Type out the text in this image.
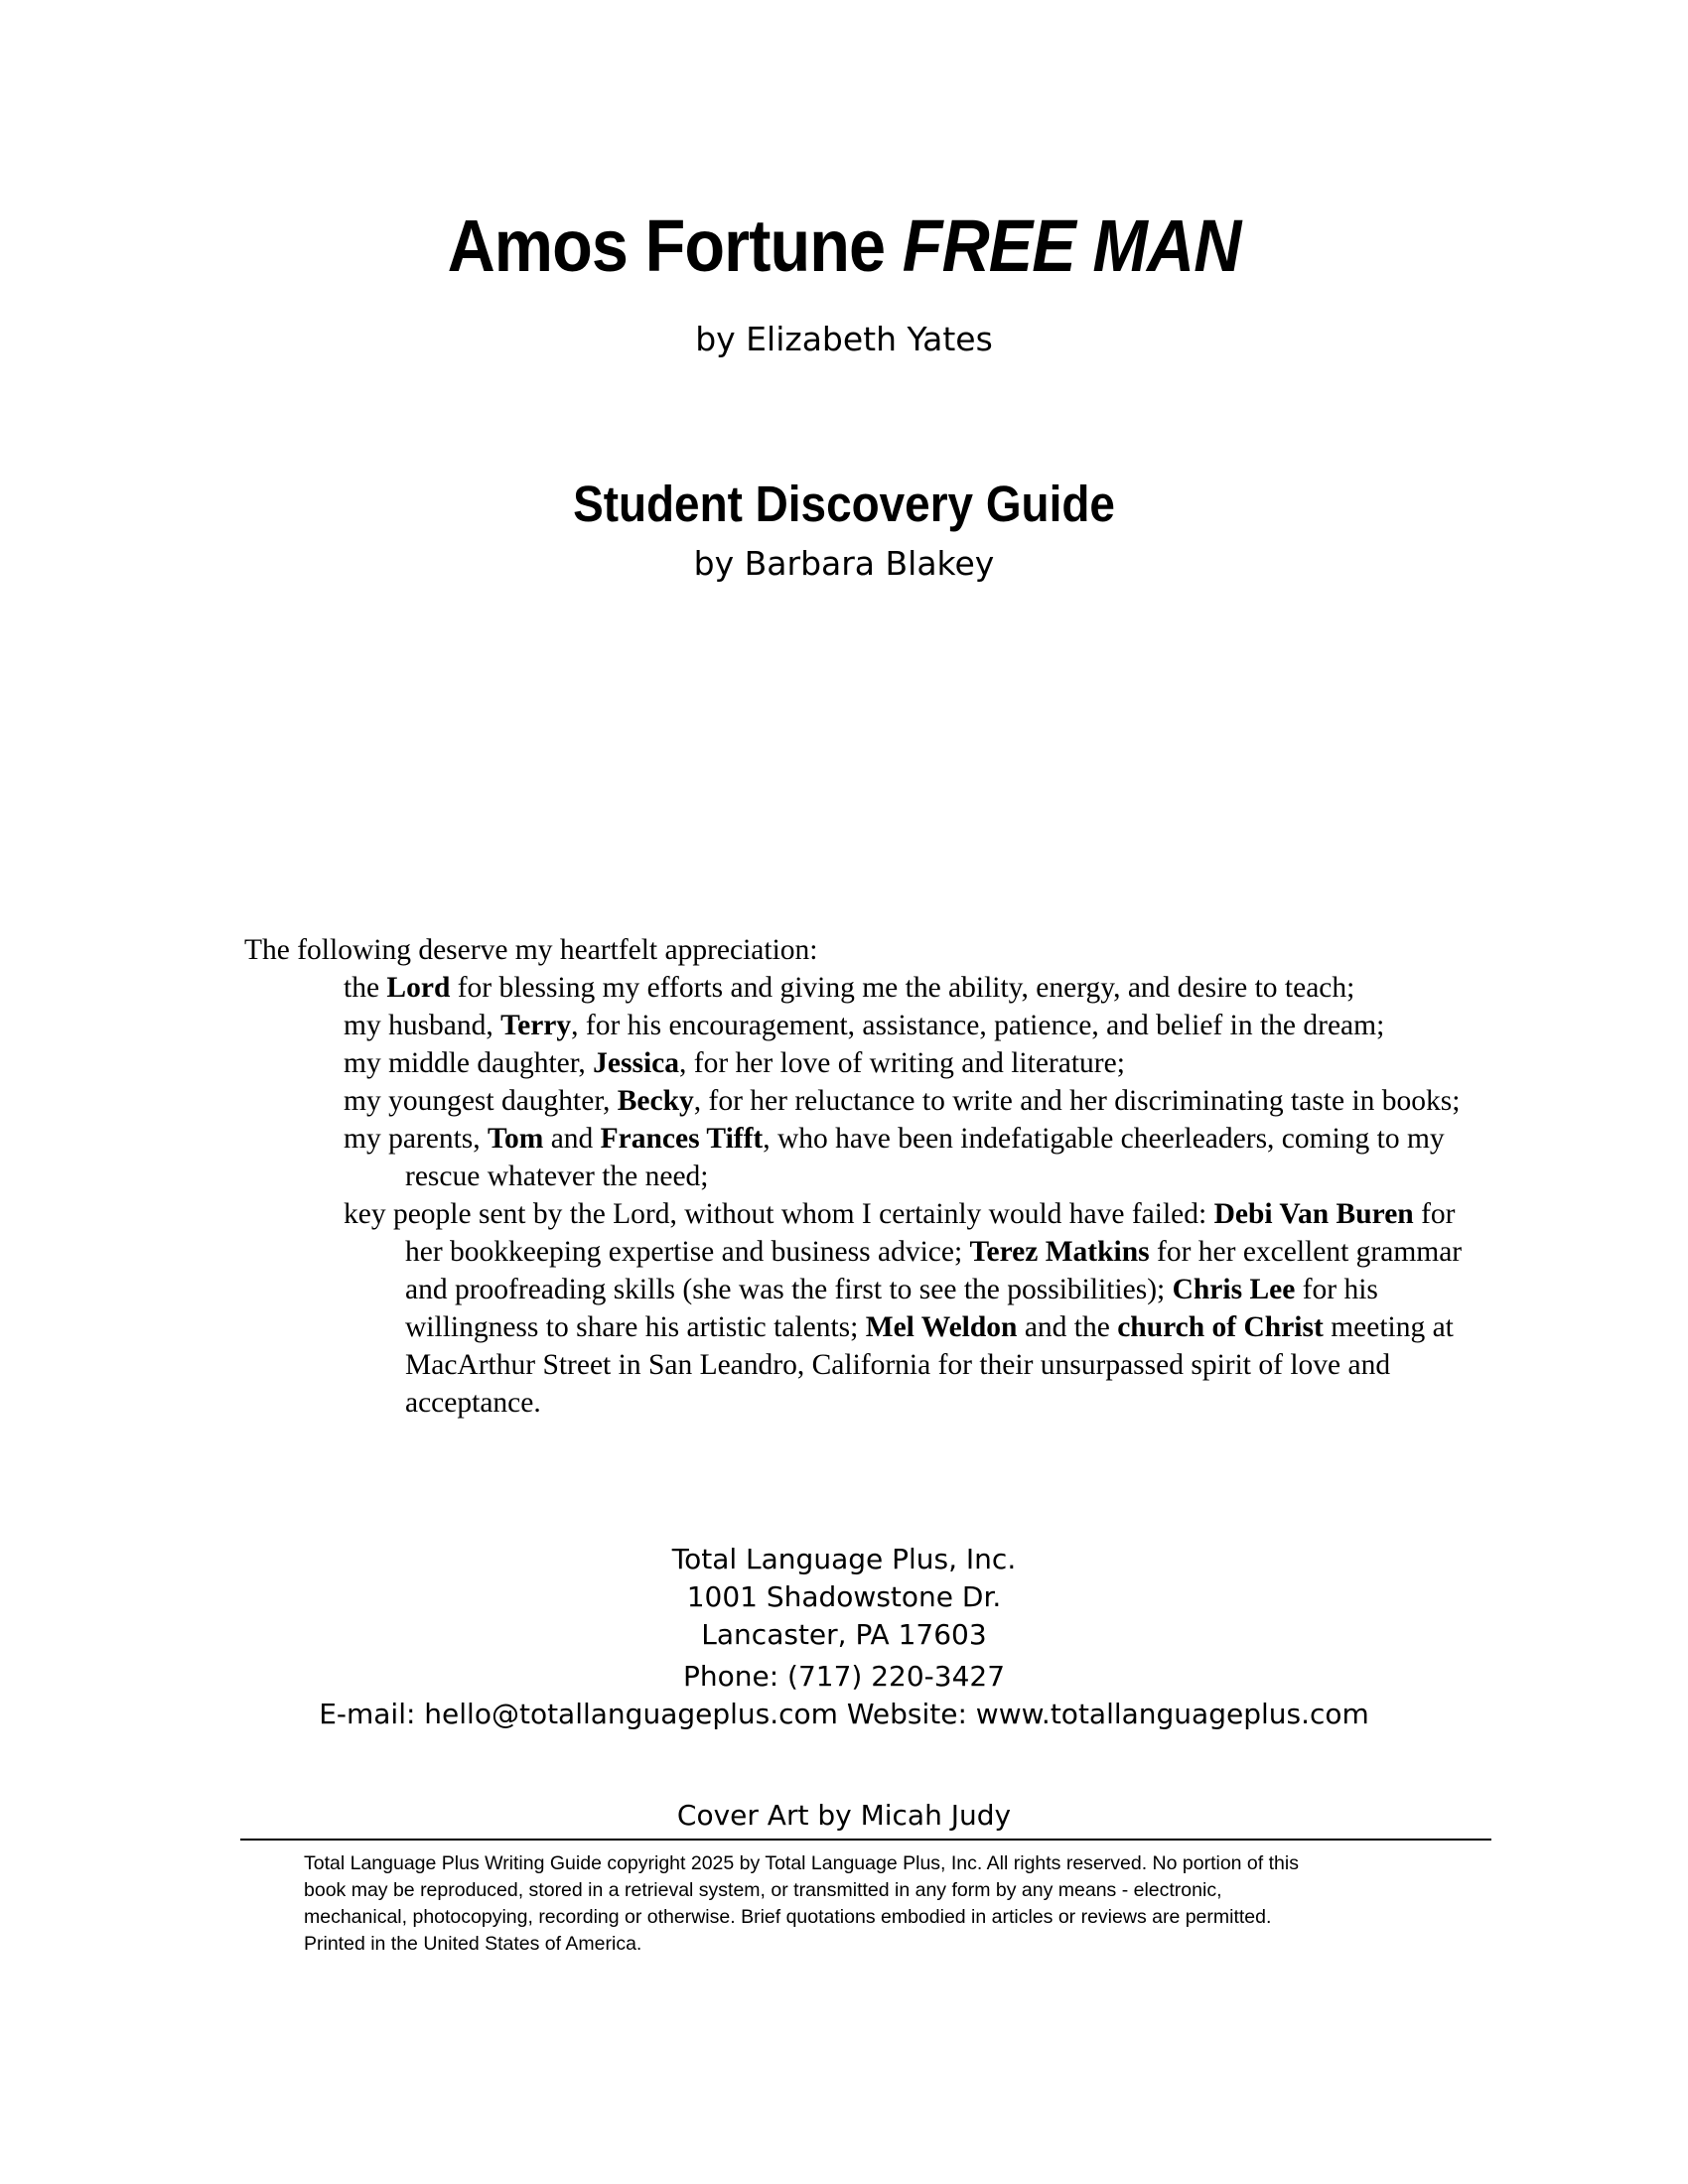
Amos Fortune FREE MAN
by Elizabeth Yates
Student Discovery Guide
by Barbara Blakey

The following deserve my heartfelt appreciation:

the Lord for blessing my efforts and giving me the ability, energy, and desire to teach;
my husband, Terry, for his encouragement, assistance, patience, and belief in the dream;
my middle daughter, Jessica, for her love of writing and literature;
my youngest daughter, Becky, for her reluctance to write and her discriminating taste in books;
my parents, Tom and Frances Tifft, who have been indefatigable cheerleaders, coming to my rescue whatever the need;
key people sent by the Lord, without whom I certainly would have failed: Debi Van Buren for her bookkeeping expertise and business advice; Terez Matkins for her excellent grammar and proofreading skills (she was the first to see the possibilities); Chris Lee for his willingness to share his artistic talents; Mel Weldon and the church of Christ meeting at MacArthur Street in San Leandro, California for their unsurpassed spirit of love and acceptance.
Total Language Plus, Inc.
1001 Shadowstone Dr.
Lancaster, PA 17603
Phone: (717) 220-3427
E-mail: hello@totallanguageplus.com Website: www.totallanguageplus.com
Cover Art by Micah Judy
Total Language Plus Writing Guide copyright 2025 by Total Language Plus, Inc. All rights reserved. No portion of this
book may be reproduced, stored in a retrieval system, or transmitted in any form by any means - electronic,
mechanical, photocopying, recording or otherwise. Brief quotations embodied in articles or reviews are permitted.
Printed in the United States of America.
